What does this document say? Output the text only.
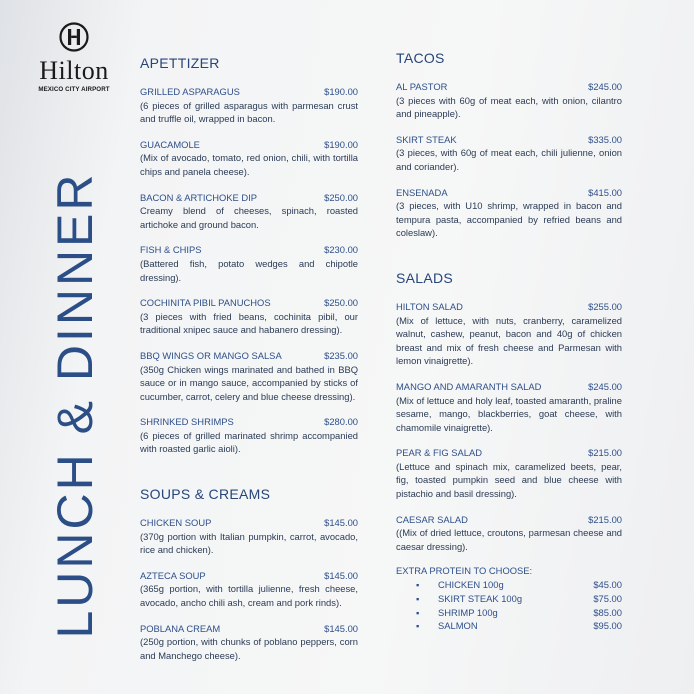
Hilton
MEXICO CITY AIRPORT
LUNCH & DINNER
APETTIZER
GRILLED ASPARAGUS	$190.00
(6 pieces of grilled asparagus with parmesan crust and truffle oil, wrapped in bacon.
GUACAMOLE	$190.00
(Mix of avocado, tomato, red onion, chili, with tortilla chips and panela cheese).
BACON & ARTICHOKE DIP	$250.00
Creamy blend of cheeses, spinach, roasted artichoke and ground bacon.
FISH & CHIPS	$230.00
(Battered fish, potato wedges and chipotle dressing).
COCHINITA PIBIL PANUCHOS	$250.00
(3 pieces with fried beans, cochinita pibil, our traditional xnipec sauce and habanero dressing).
BBQ WINGS OR MANGO SALSA	$235.00
(350g Chicken wings marinated and bathed in BBQ sauce or in mango sauce, accompanied by sticks of cucumber, carrot, celery and blue cheese dressing).
SHRINKED SHRIMPS	$280.00
(6 pieces of grilled marinated shrimp accompanied with roasted garlic aioli).
SOUPS & CREAMS
CHICKEN SOUP	$145.00
(370g portion with Italian pumpkin, carrot, avocado, rice and chicken).
AZTECA SOUP	$145.00
(365g portion, with tortilla julienne, fresh cheese, avocado, ancho chili ash, cream and pork rinds).
POBLANA CREAM	$145.00
(250g portion, with chunks of poblano peppers, corn and Manchego cheese).
TACOS
AL PASTOR	$245.00
(3 pieces with 60g of meat each, with onion, cilantro and pineapple).
SKIRT STEAK	$335.00
(3 pieces, with 60g of meat each, chili julienne, onion and coriander).
ENSENADA	$415.00
(3 pieces, with U10 shrimp, wrapped in bacon and tempura pasta, accompanied by refried beans and coleslaw).
SALADS
HILTON SALAD	$255.00
(Mix of lettuce, with nuts, cranberry, caramelized walnut, cashew, peanut, bacon and 40g of chicken breast and mix of fresh cheese and Parmesan with lemon vinaigrette).
MANGO AND AMARANTH SALAD	$245.00
(Mix of lettuce and holy leaf, toasted amaranth, praline sesame, mango, blackberries, goat cheese, with chamomile vinaigrette).
PEAR & FIG SALAD	$215.00
(Lettuce and spinach mix, caramelized beets, pear, fig, toasted pumpkin seed and blue cheese with pistachio and basil dressing).
CAESAR SALAD	$215.00
((Mix of dried lettuce, croutons, parmesan cheese and caesar dressing).
EXTRA PROTEIN TO CHOOSE:
▪ CHICKEN 100g	$45.00
▪ SKIRT STEAK 100g	$75.00
▪ SHRIMP 100g	$85.00
▪ SALMON	$95.00
